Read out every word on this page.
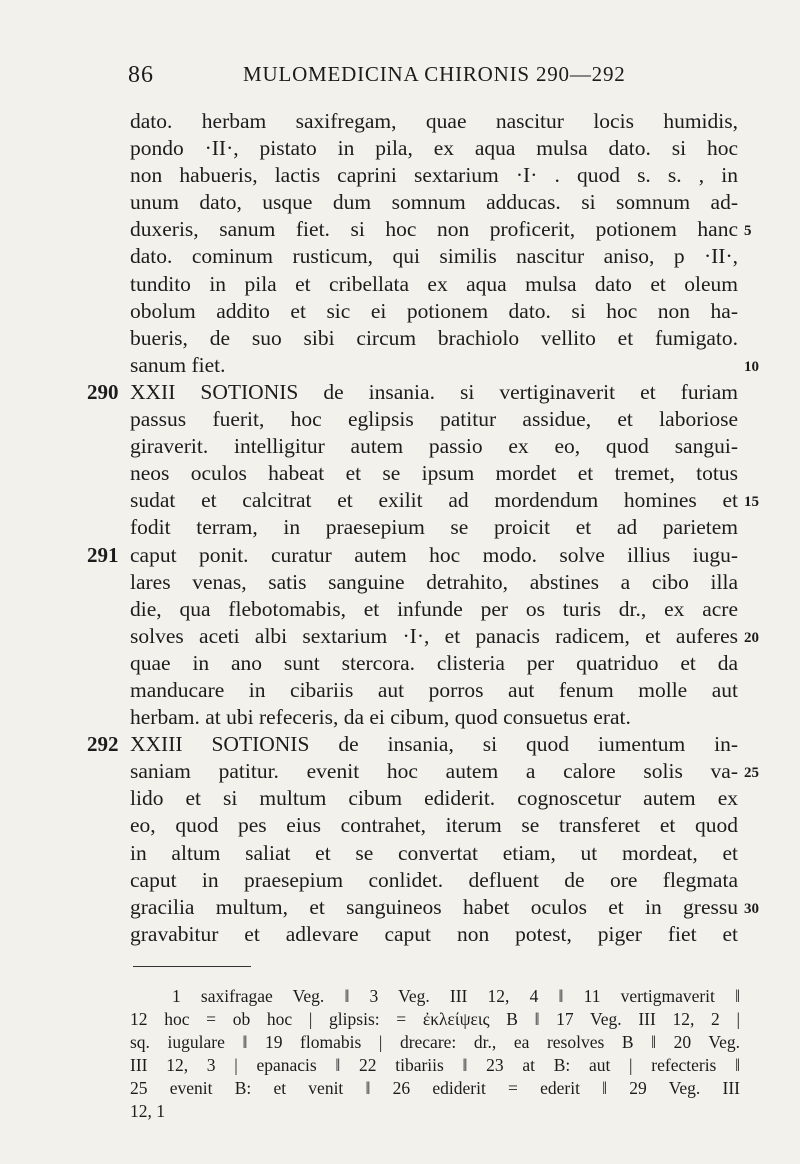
86	MULOMEDICINA CHIRONIS 290—292
290
291
292
dato. herbam saxifregam, quae nascitur locis humidis,
pondo ·II·, pistato in pila, ex aqua mulsa dato. si hoc
non habueris, lactis caprini sextarium ·I· . quod s. s. , in
unum dato, usque dum somnum adducas. si somnum ad-
duxeris, sanum fiet. si hoc non proficerit, potionem hanc
dato. cominum rusticum, qui similis nascitur aniso, p ·II·,
tundito in pila et cribellata ex aqua mulsa dato et oleum
obolum addito et sic ei potionem dato. si hoc non ha-
bueris, de suo sibi circum brachiolo vellito et fumigato.
sanum fiet.
XXII SOTIONIS de insania. si vertiginaverit et furiam
passus fuerit, hoc eglipsis patitur assidue, et laboriose
giraverit. intelligitur autem passio ex eo, quod sangui-
neos oculos habeat et se ipsum mordet et tremet, totus
sudat et calcitrat et exilit ad mordendum homines et
fodit terram, in praesepium se proicit et ad parietem
caput ponit. curatur autem hoc modo. solve illius iugu-
lares venas, satis sanguine detrahito, abstines a cibo illa
die, qua flebotomabis, et infunde per os turis dr., ex acre
solves aceti albi sextarium ·I·, et panacis radicem, et auferes
quae in ano sunt stercora. clisteria per quatriduo et da
manducare in cibariis aut porros aut fenum molle aut
herbam. at ubi refeceris, da ei cibum, quod consuetus erat.
XXIII SOTIONIS de insania, si quod iumentum in-
saniam patitur. evenit hoc autem a calore solis va-
lido et si multum cibum ediderit. cognoscetur autem ex
eo, quod pes eius contrahet, iterum se transferet et quod
in altum saliat et se convertat etiam, ut mordeat, et
caput in praesepium conlidet. defluent de ore flegmata
gracilia multum, et sanguineos habet oculos et in gressu
gravabitur et adlevare caput non potest, piger fiet et
5
10
15
20
25
30
1 saxifragae Veg. ‖ 3 Veg. III 12, 4 ‖ 11 vertigmaverit ‖
12 hoc = ob hoc | glipsis: = ἐκλείψεις B ‖ 17 Veg. III 12, 2 |
sq. iugulare ‖ 19 flomabis | drecare: dr., ea resolves B ‖ 20 Veg.
III 12, 3 | epanacis ‖ 22 tibariis ‖ 23 at B: aut | refecteris ‖
25 evenit B: et venit ‖ 26 ediderit = ederit ‖ 29 Veg. III
12, 1
